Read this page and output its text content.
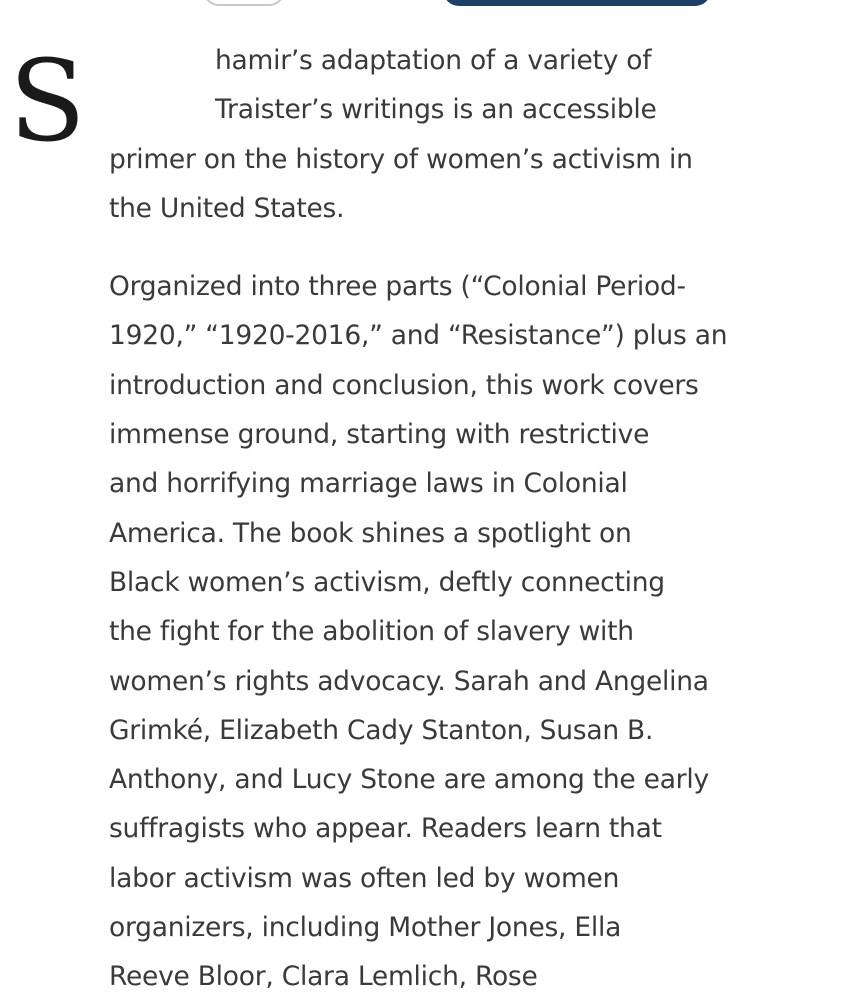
S	hamir’s adaptation of a variety of
Traister’s writings is an accessible
primer on the history of women’s activism in
the United States.
Organized into three parts (“Colonial Period-
1920,” “1920-2016,” and “Resistance”) plus an
introduction and conclusion, this work covers
immense ground, starting with restrictive
and horrifying marriage laws in Colonial
America. The book shines a spotlight on
Black women’s activism, deftly connecting
the fight for the abolition of slavery with
women’s rights advocacy. Sarah and Angelina
Grimké, Elizabeth Cady Stanton, Susan B.
Anthony, and Lucy Stone are among the early
suffragists who appear. Readers learn that
labor activism was often led by women
organizers, including Mother Jones, Ella
Reeve Bloor, Clara Lemlich, Rose
